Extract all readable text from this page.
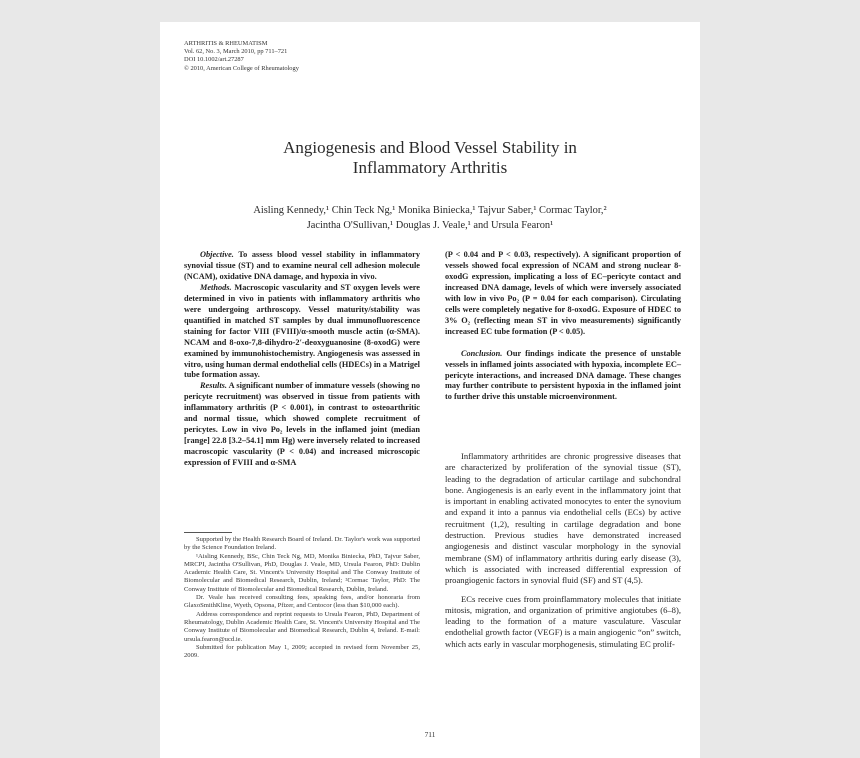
ARTHRITIS & RHEUMATISM
Vol. 62, No. 3, March 2010, pp 711–721
DOI 10.1002/art.27287
© 2010, American College of Rheumatology
Angiogenesis and Blood Vessel Stability in
Inflammatory Arthritis
Aisling Kennedy,¹ Chin Teck Ng,¹ Monika Biniecka,¹ Tajvur Saber,¹ Cormac Taylor,²
Jacintha O'Sullivan,¹ Douglas J. Veale,¹ and Ursula Fearon¹

Objective. To assess blood vessel stability in inflammatory synovial tissue (ST) and to examine neural cell adhesion molecule (NCAM), oxidative DNA damage, and hypoxia in vivo.

Methods. Macroscopic vascularity and ST oxygen levels were determined in vivo in patients with inflammatory arthritis who were undergoing arthroscopy. Vessel maturity/stability was quantified in matched ST samples by dual immunofluorescence staining for factor VIII (FVIII)/α-smooth muscle actin (α-SMA). NCAM and 8-oxo-7,8-dihydro-2′-deoxyguanosine (8-oxodG) were examined by immunohistochemistry. Angiogenesis was assessed in vitro, using human dermal endothelial cells (HDECs) in a Matrigel tube formation assay.

Results. A significant number of immature vessels (showing no pericyte recruitment) was observed in tissue from patients with inflammatory arthritis (P < 0.001), in contrast to osteoarthritic and normal tissue, which showed complete recruitment of pericytes. Low in vivo Po₂ levels in the inflamed joint (median [range] 22.8 [3.2–54.1] mm Hg) were inversely related to increased macroscopic vascularity (P < 0.04) and increased microscopic expression of FVIII and α-SMA

(P < 0.04 and P < 0.03, respectively). A significant proportion of vessels showed focal expression of NCAM and strong nuclear 8-oxodG expression, implicating a loss of EC–pericyte contact and increased DNA damage, levels of which were inversely associated with low in vivo Po₂ (P = 0.04 for each comparison). Circulating cells were completely negative for 8-oxodG. Exposure of HDEC to 3% O₂ (reflecting mean ST in vivo measurements) significantly increased EC tube formation (P < 0.05).

Conclusion. Our findings indicate the presence of unstable vessels in inflamed joints associated with hypoxia, incomplete EC–pericyte interactions, and increased DNA damage. These changes may further contribute to persistent hypoxia in the inflamed joint to further drive this unstable microenvironment.

Supported by the Health Research Board of Ireland. Dr. Taylor's work was supported by the Science Foundation Ireland.

¹Aisling Kennedy, BSc, Chin Teck Ng, MD, Monika Biniecka, PhD, Tajvur Saber, MRCPI, Jacintha O'Sullivan, PhD, Douglas J. Veale, MD, Ursula Fearon, PhD: Dublin Academic Health Care, St. Vincent's University Hospital and The Conway Institute of Biomolecular and Biomedical Research, Dublin, Ireland; ²Cormac Taylor, PhD: The Conway Institute of Biomolecular and Biomedical Research, Dublin, Ireland.

Dr. Veale has received consulting fees, speaking fees, and/or honoraria from GlaxoSmithKline, Wyeth, Opsona, Pfizer, and Centocor (less than $10,000 each).

Address correspondence and reprint requests to Ursula Fearon, PhD, Department of Rheumatology, Dublin Academic Health Care, St. Vincent's University Hospital and The Conway Institute of Biomolecular and Biomedical Research, Dublin 4, Ireland. E-mail: ursula.fearon@ucd.ie.

Submitted for publication May 1, 2009; accepted in revised form November 25, 2009.

Inflammatory arthritides are chronic progressive diseases that are characterized by proliferation of the synovial tissue (ST), leading to the degradation of articular cartilage and subchondral bone. Angiogenesis is an early event in the inflammatory joint that is important in enabling activated monocytes to enter the synovium and expand it into a pannus via endothelial cells (ECs) by active recruitment (1,2), resulting in cartilage degradation and bone destruction. Previous studies have demonstrated increased angiogenesis and distinct vascular morphology in the synovial membrane (SM) of inflammatory arthritis during early disease (3), which is associated with increased differential expression of proangiogenic factors in synovial fluid (SF) and ST (4,5).

ECs receive cues from proinflammatory molecules that initiate mitosis, migration, and organization of primitive angiotubes (6–8), leading to the formation of a mature vasculature. Vascular endothelial growth factor (VEGF) is a main angiogenic “on” switch, which acts early in vascular morphogenesis, stimulating EC prolif-

711
